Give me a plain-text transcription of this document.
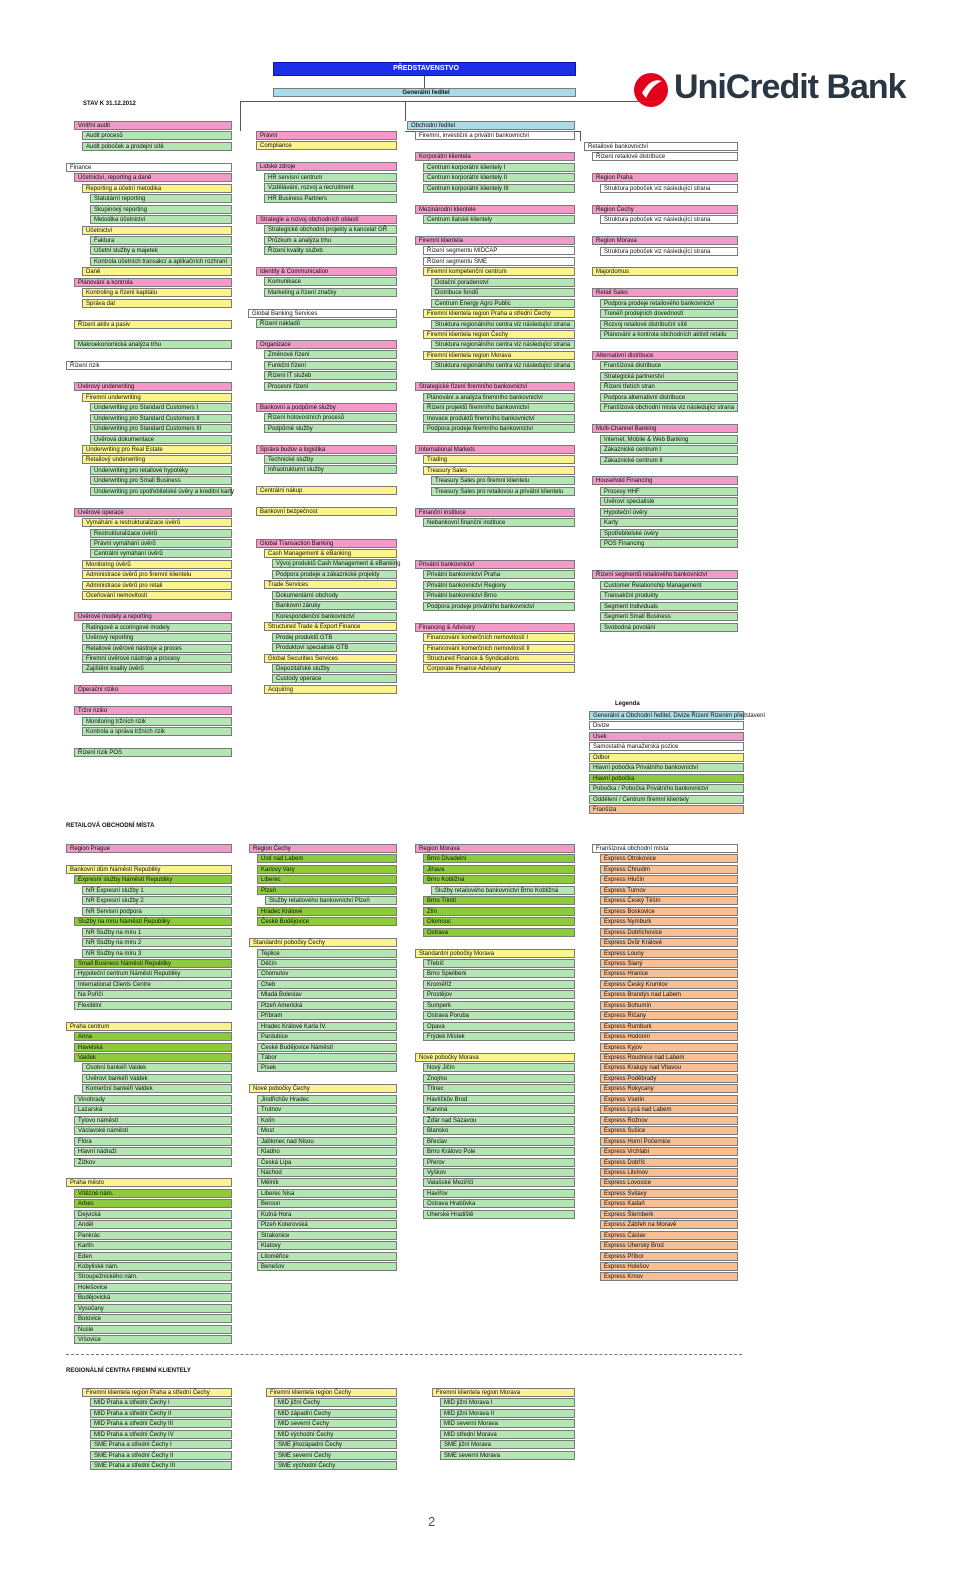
PŘEDSTAVENSTVO
Generální ředitel
STAV K 31.12.2012	UniCredit Bank
Vnitřní audit
Audit procesů
Audit poboček a prodejní sítě
Finance
Účetnictví, reporting a daně
Reporting a účetní metodika
Statutární reporting
Skupinový reporting
Metodika účetnictví
Účetnictví
Faktura
Účetní služby a majetek
Kontrola účetních transakcí a aplikačních rozhraní
Daně
Plánování a kontrola
Kontroling a řízení kapitálu
Správa dat
Řízení aktiv a pasiv
Makroekonomická analýza trhu
Řízení rizik
Úvěrový underwriting
Firemní underwriting
Underwriting pro Standard Customers I
Underwriting pro Standard Customers II
Underwriting pro Standard Customers III
Úvěrová dokumentace
Underwriting pro Real Estate
Retailový underwriting
Underwriting pro retailové hypotéky
Underwriting pro Small Business
Underwriting pro spotřebitelské úvěry a kreditní karty
Úvěrové operace
Vymáhání a restrukturalizace úvěrů
Restrukturalizace úvěrů
Právní vymáhání úvěrů
Centrální vymáhání úvěrů
Monitoring úvěrů
Administrace úvěrů pro firemní klientelu
Administrace úvěrů pro retail
Oceňování nemovitostí
Úvěrové modely a reporting
Ratingové a scoringové modely
Úvěrový reporting
Retailové úvěrové nástroje a proces
Firemní úvěrové nástroje a procesy
Zajištění kvality úvěrů
Operační riziko
Tržní riziko
Monitoring tržních rizik
Kontrola a správa tržních rizik
Řízení rizik POS
Právní
Compliance
Lidské zdroje
HR servisní centrum
Vzdělávání, rozvoj a recruitment
HR Business Partners
Strategie a rozvoj obchodních oblastí
Strategické obchodní projekty a kancelář GŘ
Průzkum a analýza trhu
Řízení kvality služeb
Identity & Communication
Komunikace
Marketing a řízení značky
Global Banking Services
Řízení nákladů
Organizace
Změnové řízení
Funkční řízení
Řízení IT služeb
Procesní řízení
Bankovní a podpůrné služby
Řízení hotovostních procesů
Podpůrné služby
Správa budov a logistika
Technické služby
Infrastrukturní služby
Centrální nákup
Bankovní bezpečnost
Global Transaction Banking
Cash Management & eBanking
Vývoj produktů Cash Management & eBanking
Podpora prodeje a zákaznické projekty
Trade Services
Dokumentární obchody
Bankovní záruky
Korespondenční bankovnictví
Structured Trade & Export Finance
Prodej produktů GTB
Produktoví specialisté GTB
Global Securities Services
Depozitářské služby
Custody operace
Acquiring
Obchodní ředitel
Firemní, investiční a privátní bankovnictví
Korporátní klientela
Centrum korporátní klientely I
Centrum korporátní klientely II
Centrum korporátní klientely III
Mezinárodní klientele
Centrum italské klientely
Firemní klientela
Řízení segmentu MIDCAP
Řízení segmentu SME
Firemní kompetenční centrum
Dotační poradenství
Distribuce fondů
Centrum Energy Agro Public
Firemní klientela region Praha a střední Čechy
Struktura regionálního centra viz následující strana
Firemní klientela region Čechy
Struktura regionálního centra viz následující strana
Firemní klientela region Morava
Struktura regionálního centra viz následující strana
Strategické řízení firemního bankovnictví
Plánování a analýza firemního bankovnictví
Řízení projektů firemního bankovnictví
Inovace produktů firemního bankovnictví
Podpora prodeje firemního bankovnictví
International Markets
Trading
Treasury Sales
Treasury Sales pro firemní klientelu
Treasury Sales pro retailovou a privátní klientelu
Finanční instituce
Nebankovní finanční instituce
Privátní bankovnictví
Privátní bankovnictví Praha
Privátní bankovnictví Regiony
Privátní bankovnictví Brno
Podpora prodeje privátního bankovnictví
Financing & Advisory
Financování komerčních nemovitostí I
Financování komerčních nemovitostí II
Structured Finance & Syndications
Corporate Finance Advisory
Retailové bankovnictví
Řízení retailové distribuce
Region Praha
Struktura poboček viz následující strana
Region Čechy
Struktura poboček viz následující strana
Region Morava
Struktura poboček viz následující strana
Majordomus
Retail Sales
Podpora prodeje retailového bankovnictví
Trenéři prodejních dovedností
Rozvoj retailové distribuční sítě
Plánování a kontrola obchodních aktivit retailu
Alternativní distribuce
Franšízová distribuce
Strategická partnerství
Řízení třetích stran
Podpora alternativní distribuce
Franšízová obchodní místa viz následující strana
Multi-Channel Banking
Internet, Mobile & Web Banking
Zákaznické centrum I
Zákaznické centrum II
Household Financing
Procesy HHF
Úvěroví specialisté
Hypoteční úvěry
Karty
Spotřebitelské úvěry
POS Financing
Řízení segmentů retailového bankovnictví
Customer Relationship Management
Transakční produkty
Segment Individuals
Segment Small Business
Svobodná povolání
Legenda
Generální a Obchodní ředitel, Divize Řízení Rizenim představení
Divize
Úsek
Samostatná manažerská pozice
Odbor
Hlavní pobočka Privátního bankovnictví
Hlavní pobočka
Pobočka / Pobočka Privátního bankovnictví
Oddělení / Centrum firemní klientely
Franšíza
RETAILOVÁ OBCHODNÍ MÍSTA
Region Prague
Bankovní dům Náměstí Republiky
Expresní služby Náměstí Republiky
NR Expresní služby 1
NR Expresní služby 2
NR Servisní podpora
Služby na míru Náměstí Republiky
NR Služby na míru 1
NR Služby na míru 2
NR Služby na míru 3
Small Business Náměstí Republiky
Hypoteční centrum Náměstí Republiky
International Clients Centre
Na Poříčí
Flexibilní
Praha centrum
Anna
Havelská
Valdek
Osobní bankéři Valdek
Úvěroví bankéři Valdek
Komerční bankéři Valdek
Vinohrady
Lazarská
Tylovo náměstí
Václavské náměstí
Flóra
Hlavní nádraží
Žižkov
Praha město
Vítězné nám.
Arbes
Dejvická
Anděl
Pankrác
Karlín
Eden
Kobyliské nám.
Stroupežnického nám.
Holešovice
Budějovická
Vysočany
Butovice
Nusle
Vršovice
Region Čechy
Ústí nad Labem
Karlovy Vary
Liberec
Plzeň
Služby retailového bankovnictví Plzeň
Hradec Králové
České Budějovice
Standardní pobočky Čechy
Teplice
Děčín
Chomutov
Cheb
Mladá Boleslav
Plzeň Americká
Příbram
Hradec Králové Karla IV.
Pardubice
České Budějovice Náměstí
Tábor
Písek
Nové pobočky Čechy
Jindřichův Hradec
Trutnov
Kolín
Most
Jablonec nad Nisou
Kladno
Česká Lípa
Náchod
Mělník
Liberec Nisa
Beroun
Kutná Hora
Plzeň Koterovská
Strakonice
Klatovy
Litoměřice
Benešov
Region Morava
Brno Divadelní
Jihava
Brno Kobližná
Služby retailového bankovnictví Brno Kobližná
Brno Trinití
Zlín
Olomouc
Ostrava
Standardní pobočky Morava
Třebíč
Brno Spielberk
Kroměříž
Prostějov
Šumperk
Ostrava Poruba
Opava
Frýdek Místek
Nové pobočky Morava
Nový Jičín
Znojmo
Třinec
Havlíčkův Brod
Karviná
Žďár nad Sázavou
Blansko
Břeclav
Brno Královo Pole
Přerov
Vyškov
Valašské Meziříčí
Havířov
Ostrava Hrabůvka
Uherské Hradiště
Franšízová obchodní místa
Express Otrokovice
Express Chrudim
Express Hlučín
Express Turnov
Express Český Těšín
Express Boskovice
Express Nymburk
Express Dobřichovice
Express Dvůr Králové
Express Louny
Express Slaný
Express Hranice
Express Český Krumlov
Express Brandýs nad Labem
Express Bohumín
Express Říčany
Express Rumburk
Express Hodonín
Express Kyjov
Express Roudnice nad Labem
Express Kralupy nad Vltavou
Express Poděbrady
Express Rokycany
Express Vsetín
Express Lysá nad Labem
Express Rožnov
Express Sušice
Express Horní Počernice
Express Vrchlabí
Express Dobříš
Express Litvínov
Express Lovosice
Express Svitavy
Express Kadaň
Express Šternberk
Express Zábřeh na Moravě
Express Čáslav
Express Uherský Brod
Express Příbor
Express Holešov
Express Krnov
REGIONÁLNÍ CENTRA FIREMNÍ KLIENTELY
Firemní klientela region Praha a střední Čechy
MID Praha a střední Čechy I
MID Praha a střední Čechy II
MID Praha a střední Čechy III
MID Praha a střední Čechy IV
SME Praha a střední Čechy I
SME Praha a střední Čechy II
SME Praha a střední Čechy III
Firemní klientela region Čechy
MID jižní Čechy
MID západní Čechy
MID severní Čechy
MID východní Čechy
SME jihozápadní Čechy
SME severní Čechy
SME východní Čechy
Firemní klientela region Morava
MID jižní Morava I
MID jižní Morava II
MID severní Morava
MID střední Morava
SME jižní Morava
SME severní Morava
2
